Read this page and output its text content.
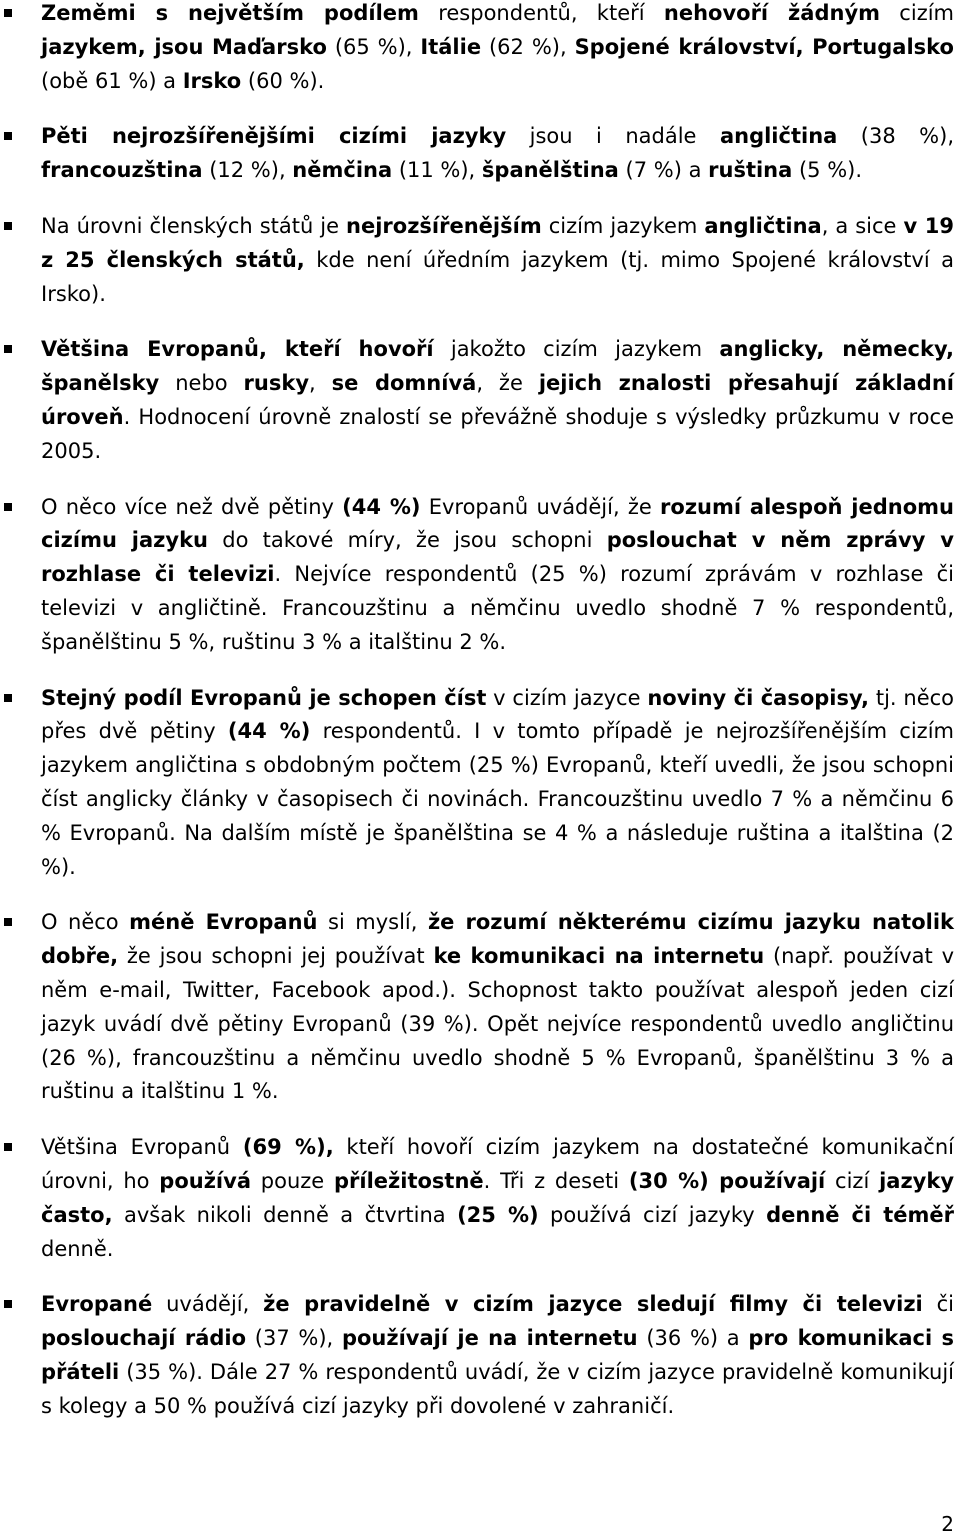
Zeměmi s největším podílem respondentů, kteří nehovoří žádným cizím jazykem, jsou Maďarsko (65 %), Itálie (62 %), Spojené království, Portugalsko (obě 61 %) a Irsko (60 %).
Pěti nejrozšířenějšími cizími jazyky jsou i nadále angličtina (38 %), francouzština (12 %), němčina (11 %), španělština (7 %) a ruština (5 %).
Na úrovni členských států je nejrozšířenějším cizím jazykem angličtina, a sice v 19 z 25 členských států, kde není úředním jazykem (tj. mimo Spojené království a Irsko).
Většina Evropanů, kteří hovoří jakožto cizím jazykem anglicky, německy, španělsky nebo rusky, se domnívá, že jejich znalosti přesahují základní úroveň. Hodnocení úrovně znalostí se převážně shoduje s výsledky průzkumu v roce 2005.
O něco více než dvě pětiny (44 %) Evropanů uvádějí, že rozumí alespoň jednomu cizímu jazyku do takové míry, že jsou schopni poslouchat v něm zprávy v rozhlase či televizi. Nejvíce respondentů (25 %) rozumí zprávám v rozhlase či televizi v angličtině. Francouzštinu a němčinu uvedlo shodně 7 % respondentů, španělštinu 5 %, ruštinu 3 % a italštinu 2 %.
Stejný podíl Evropanů je schopen číst v cizím jazyce noviny či časopisy, tj. něco přes dvě pětiny (44 %) respondentů. I v tomto případě je nejrozšířenějším cizím jazykem angličtina s obdobným počtem (25 %) Evropanů, kteří uvedli, že jsou schopni číst anglicky články v časopisech či novinách. Francouzštinu uvedlo 7 % a němčinu 6 % Evropanů. Na dalším místě je španělština se 4 % a následuje ruština a italština (2 %).
O něco méně Evropanů si myslí, že rozumí některému cizímu jazyku natolik dobře, že jsou schopni jej používat ke komunikaci na internetu (např. používat v něm e-mail, Twitter, Facebook apod.). Schopnost takto používat alespoň jeden cizí jazyk uvádí dvě pětiny Evropanů (39 %). Opět nejvíce respondentů uvedlo angličtinu (26 %), francouzštinu a němčinu uvedlo shodně 5 % Evropanů, španělštinu 3 % a ruštinu a italštinu 1 %.
Většina Evropanů (69 %), kteří hovoří cizím jazykem na dostatečné komunikační úrovni, ho používá pouze příležitostně. Tři z deseti (30 %) používají cizí jazyky často, avšak nikoli denně a čtvrtina (25 %) používá cizí jazyky denně či téměř denně.
Evropané uvádějí, že pravidelně v cizím jazyce sledují filmy či televizi či poslouchají rádio (37 %), používají je na internetu (36 %) a pro komunikaci s přáteli (35 %). Dále 27 % respondentů uvádí, že v cizím jazyce pravidelně komunikují s kolegy a 50 % používá cizí jazyky při dovolené v zahraničí.
2
